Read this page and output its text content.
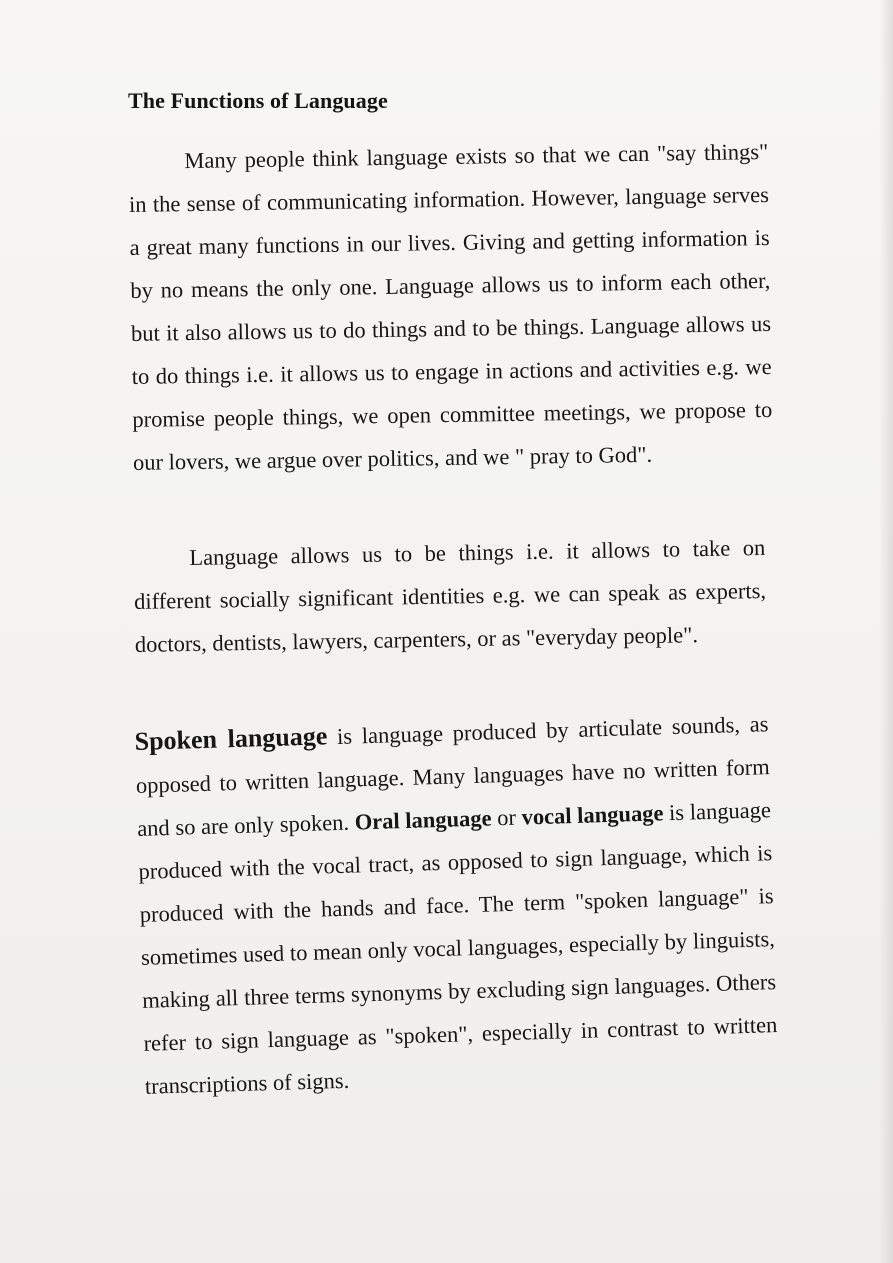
The Functions of Language

Many people think language exists so that we can "say things" in the sense of communicating information. However, language serves a great many functions in our lives. Giving and getting information is by no means the only one. Language allows us to inform each other, but it also allows us to do things and to be things. Language allows us to do things i.e. it allows us to engage in actions and activities e.g. we promise people things, we open committee meetings, we propose to our lovers, we argue over politics, and we " pray to God".

Language allows us to be things i.e. it allows to take on different socially significant identities e.g. we can speak as experts, doctors, dentists, lawyers, carpenters, or as "everyday people".

Spoken language is language produced by articulate sounds, as opposed to written language. Many languages have no written form and so are only spoken. Oral language or vocal language is language produced with the vocal tract, as opposed to sign language, which is produced with the hands and face. The term "spoken language" is sometimes used to mean only vocal languages, especially by linguists, making all three terms synonyms by excluding sign languages. Others refer to sign language as "spoken", especially in contrast to written transcriptions of signs.
